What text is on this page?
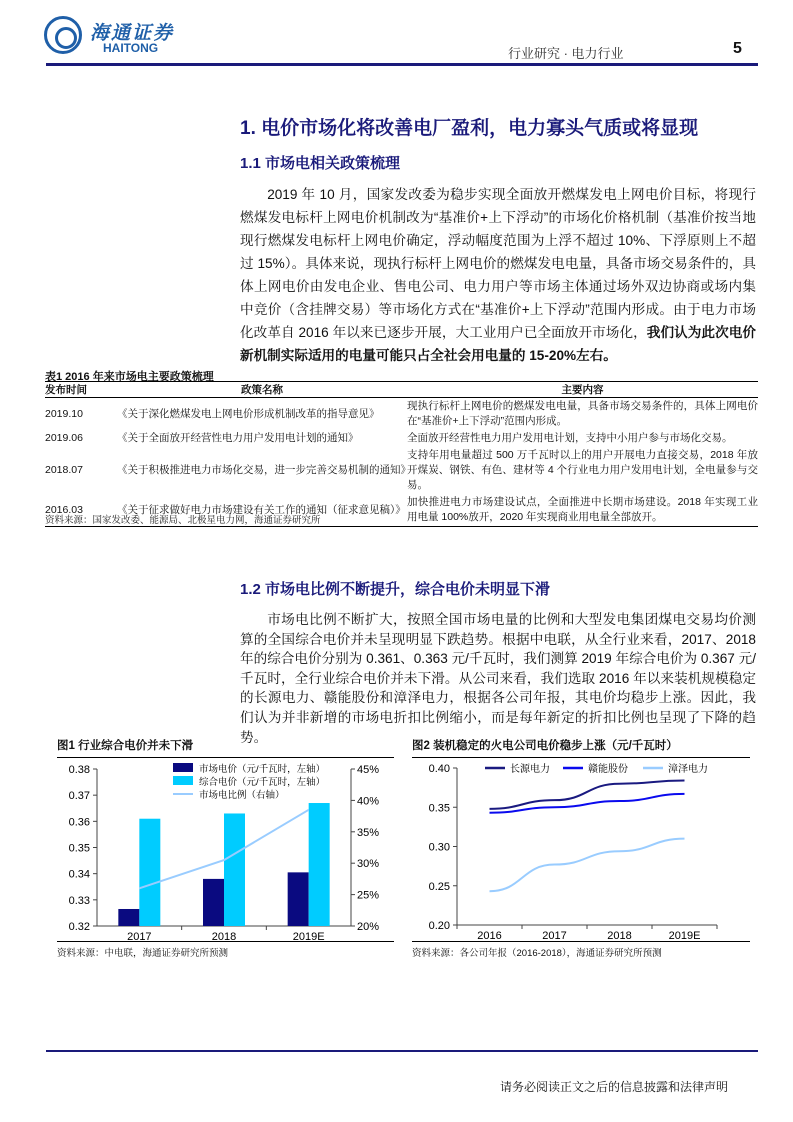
海通证券
HAITONG	行业研究 · 电力行业	5
1. 电价市场化将改善电厂盈利，电力寡头气质或将显现
1.1 市场电相关政策梳理

2019 年 10 月，国家发改委为稳步实现全面放开燃煤发电上网电价目标，将现行燃煤发电标杆上网电价机制改为“基准价+上下浮动”的市场化价格机制（基准价按当地现行燃煤发电标杆上网电价确定，浮动幅度范围为上浮不超过 10%、下浮原则上不超过 15%）。具体来说，现执行标杆上网电价的燃煤发电电量，具备市场交易条件的，具体上网电价由发电企业、售电公司、电力用户等市场主体通过场外双边协商或场内集中竞价（含挂牌交易）等市场化方式在“基准价+上下浮动”范围内形成。由于电力市场化改革自 2016 年以来已逐步开展，大工业用户已全面放开市场化，我们认为此次电价新机制实际适用的电量可能只占全社会用电量的 15-20%左右。

表1 2016 年来市场电主要政策梳理
发布时间	政策名称	主要内容
2019.10	《关于深化燃煤发电上网电价形成机制改革的指导意见》	现执行标杆上网电价的燃煤发电电量，具备市场交易条件的，具体上网电价在“基准价+上下浮动”范围内形成。
2019.06	《关于全面放开经营性电力用户发用电计划的通知》	全面放开经营性电力用户发用电计划，支持中小用户参与市场化交易。
2018.07	《关于积极推进电力市场化交易，进一步完善交易机制的通知》	支持年用电量超过 500 万千瓦时以上的用户开展电力直接交易，2018 年放开煤炭、钢铁、有色、建材等 4 个行业电力用户发用电计划，全电量参与交易。
2016.03	《关于征求做好电力市场建设有关工作的通知（征求意见稿）》	加快推进电力市场建设试点，全面推进中长期市场建设。2018 年实现工业用电量 100%放开，2020 年实现商业用电量全部放开。
资料来源：国家发改委、能源局、北极星电力网，海通证券研究所
1.2 市场电比例不断提升，综合电价未明显下滑

市场电比例不断扩大，按照全国市场电量的比例和大型发电集团煤电交易均价测算的全国综合电价并未呈现明显下跌趋势。根据中电联，从全行业来看，2017、2018 年的综合电价分别为 0.361、0.363 元/千瓦时，我们测算 2019 年综合电价为 0.367 元/千瓦时，全行业综合电价并未下滑。从公司来看，我们选取 2016 年以来装机规模稳定的长源电力、赣能股份和漳泽电力，根据各公司年报，其电价均稳步上涨。因此，我们认为并非新增的市场电折扣比例缩小，而是每年新定的折扣比例也呈现了下降的趋势。

图1 行业综合电价并未下滑
0.32
0.33
0.34
0.35
0.36
0.37
0.38
20%
25%
30%
35%
40%
45%
2017	2018	2019E
市场电价（元/千瓦时，左轴）
综合电价（元/千瓦时，左轴）
市场电比例（右轴）
资料来源：中电联，海通证券研究所预测
图2 装机稳定的火电公司电价稳步上涨（元/千瓦时）
0.20
0.25
0.30
0.35
0.40
2016	2017	2018	2019E
长源电力	赣能股份	漳泽电力
资料来源：各公司年报（2016-2018），海通证券研究所预测
请务必阅读正文之后的信息披露和法律声明
